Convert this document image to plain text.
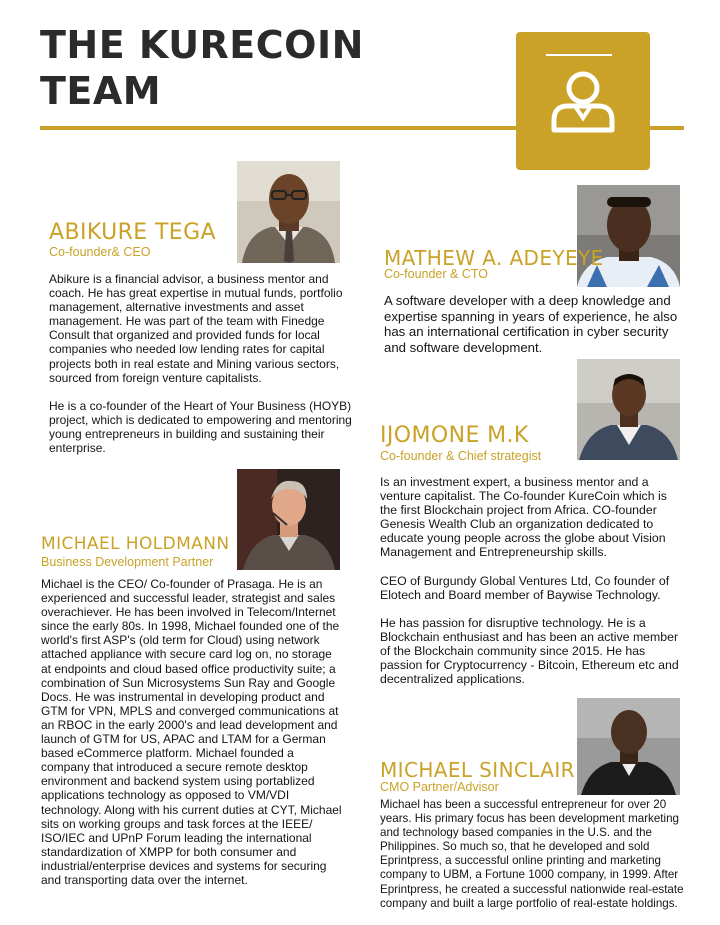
THE KURECOIN
TEAM
ABIKURE TEGA
Co-founder& CEO

Abikure is a financial advisor, a business mentor and coach. He has great expertise in mutual funds, portfolio management, alternative investments and asset management. He was part of the team with Finedge Consult that organized and provided funds for local companies who needed low lending rates for capital projects both in real estate and Mining various sectors, sourced from foreign venture capitalists.

He is a co-founder of the Heart of Your Business (HOYB) project, which is dedicated to empowering and mentoring young entrepreneurs in building and sustaining their enterprise.

MATHEW A. ADEYEYE
Co-founder & CTO

A software developer with a deep knowledge and expertise spanning in years of experience, he also has an international certification in cyber security and software development.

IJOMONE M.K
Co-founder & Chief strategist

Is an investment expert, a business mentor and a venture capitalist. The Co-founder KureCoin which is the first Blockchain project from Africa. CO-founder Genesis Wealth Club an organization dedicated to educate young people across the globe about Vision Management and Entrepreneurship skills.

CEO of Burgundy Global Ventures Ltd, Co founder of Elotech and Board member of Baywise Technology.

He has passion for disruptive technology. He is a Blockchain enthusiast and has been an active member of the Blockchain community since 2015. He has passion for Cryptocurrency - Bitcoin, Ethereum etc and decentralized applications.

MICHAEL HOLDMANN
Business Development Partner

Michael is the CEO/ Co-founder of Prasaga. He is an experienced and successful leader, strategist and sales overachiever. He has been involved in Telecom/Internet since the early 80s. In 1998, Michael founded one of the world's first ASP's (old term for Cloud) using network attached appliance with secure card log on, no storage at endpoints and cloud based office productivity suite; a combination of Sun Microsystems Sun Ray and Google Docs. He was instrumental in developing product and GTM for VPN, MPLS and converged communications at an RBOC in the early 2000's and lead development and launch of GTM for US, APAC and LTAM for a German based eCommerce platform. Michael founded a company that introduced a secure remote desktop environment and backend system using portablized applications technology as opposed to VM/VDI technology. Along with his current duties at CYT, Michael sits on working groups and task forces at the IEEE/ ISO/IEC and UPnP Forum leading the international standardization of XMPP for both consumer and industrial/enterprise devices and systems for securing and transporting data over the internet.

MICHAEL SINCLAIR
CMO Partner/Advisor

Michael has been a successful entrepreneur for over 20 years. His primary focus has been development marketing and technology based companies in the U.S. and the Philippines. So much so, that he developed and sold Eprintpress, a successful online printing and marketing company to UBM, a Fortune 1000 company, in 1999. After Eprintpress, he created a successful nationwide real-estate company and built a large portfolio of real-estate holdings.
